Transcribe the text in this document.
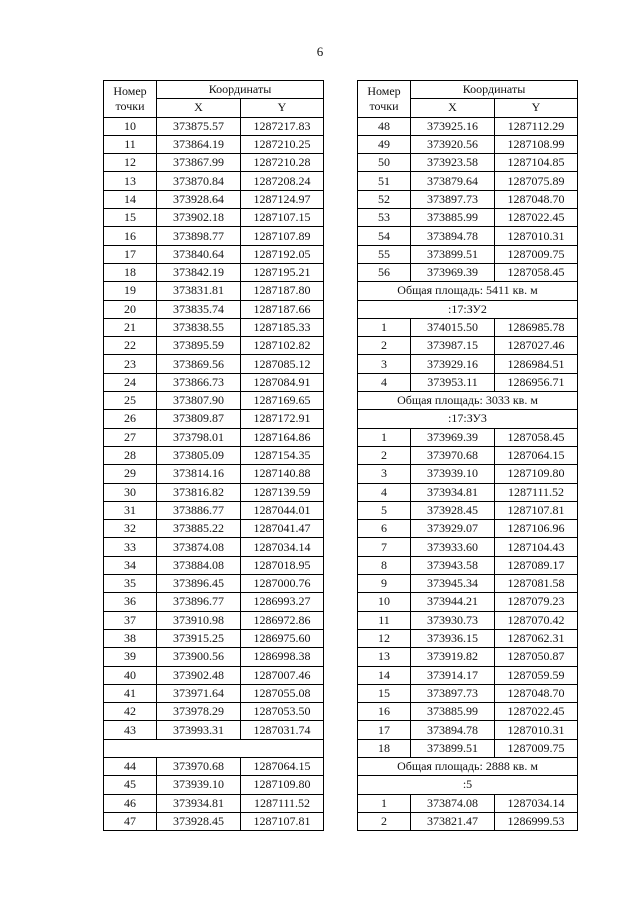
6
Номер
точки	Координаты	
	X	Y
10	373875.57	1287217.83
11	373864.19	1287210.25
12	373867.99	1287210.28
13	373870.84	1287208.24
14	373928.64	1287124.97
15	373902.18	1287107.15
16	373898.77	1287107.89
17	373840.64	1287192.05
18	373842.19	1287195.21
19	373831.81	1287187.80
20	373835.74	1287187.66
21	373838.55	1287185.33
22	373895.59	1287102.82
23	373869.56	1287085.12
24	373866.73	1287084.91
25	373807.90	1287169.65
26	373809.87	1287172.91
27	373798.01	1287164.86
28	373805.09	1287154.35
29	373814.16	1287140.88
30	373816.82	1287139.59
31	373886.77	1287044.01
32	373885.22	1287041.47
33	373874.08	1287034.14
34	373884.08	1287018.95
35	373896.45	1287000.76
36	373896.77	1286993.27
37	373910.98	1286972.86
38	373915.25	1286975.60
39	373900.56	1286998.38
40	373902.48	1287007.46
41	373971.64	1287055.08
42	373978.29	1287053.50
43	373993.31	1287031.74

44	373970.68	1287064.15
45	373939.10	1287109.80
46	373934.81	1287111.52
47	373928.45	1287107.81
Номер
точки	Координаты	
	X	Y
48	373925.16	1287112.29
49	373920.56	1287108.99
50	373923.58	1287104.85
51	373879.64	1287075.89
52	373897.73	1287048.70
53	373885.99	1287022.45
54	373894.78	1287010.31
55	373899.51	1287009.75
56	373969.39	1287058.45
Общая площадь: 5411 кв. м		
:17:ЗУ2		
1	374015.50	1286985.78
2	373987.15	1287027.46
3	373929.16	1286984.51
4	373953.11	1286956.71
Общая площадь: 3033 кв. м		
:17:ЗУ3		
1	373969.39	1287058.45
2	373970.68	1287064.15
3	373939.10	1287109.80
4	373934.81	1287111.52
5	373928.45	1287107.81
6	373929.07	1287106.96
7	373933.60	1287104.43
8	373943.58	1287089.17
9	373945.34	1287081.58
10	373944.21	1287079.23
11	373930.73	1287070.42
12	373936.15	1287062.31
13	373919.82	1287050.87
14	373914.17	1287059.59
15	373897.73	1287048.70
16	373885.99	1287022.45
17	373894.78	1287010.31
18	373899.51	1287009.75
Общая площадь: 2888 кв. м		
:5		
1	373874.08	1287034.14
2	373821.47	1286999.53
